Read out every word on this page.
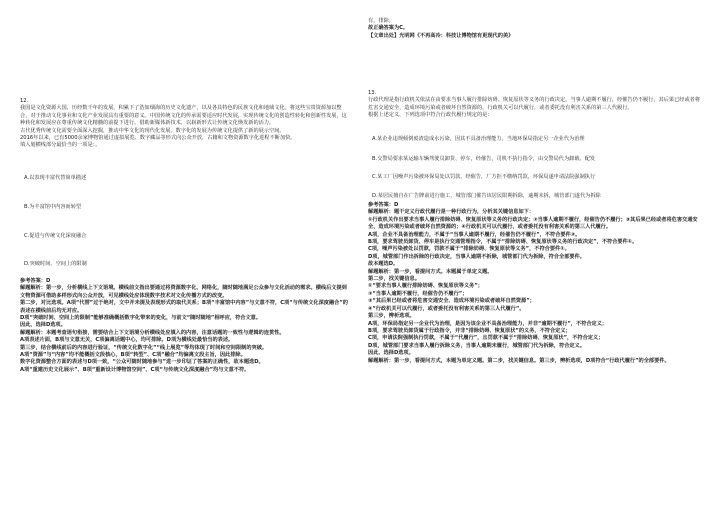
有，排除。

故正确答案为C。

【文章出处】光明网《不再高冷：科技让博物馆有更现代的美》

12.

我国是文化资源大国，历经数千年的发展，积累下了浩如烟海的历史文化遗产，以及各具特色的民族文化和地域文化。将这些宝贵资源加以整合，对于推动文化事业和文化产业发展具有重要的意义。中国传统文化的传承需要适应时代发展，实现传统文化的创造性转化和创新性发展，这

种转化和发展应在尊重传统文化精髓的前提下进行。借助新媒体新技术，以崭新形式让传统文化焕发新的活力。

古代优秀传统文化需要全面深入挖掘，推动中华文化的现代化发展。数字化的发展为传统文化提供了新的展示空间。

2016年以来，已有5000余家博物馆通过虚拟展览、数字藏品等形式向公众开放，古籍和文物资源数字化进程不断加快。

填入划横线部分最恰当的一项是：。

A.以表现丰富代替简单描述

B.为丰富馆中内容而转型

C.促进与传统文化深度融合

D.突破时间、空间上的限制

参考答案：D

解题解析：第一步，分析横线上下文语境。横线前文指出要通过将资源数字化、网络化，随时随地满足公众参与文化活动的需求。横线后文提到文物资源可借助多样形式向公众开放，可见横线处应体现数字技术对文化传播方式的改变。

第二步，对比选项。A项“代替”过于绝对，文中并未提及表现形式的取代关系；B项“丰富馆中内容”与文意不符，C项“与传统文化深度融合”的表述在横线前后均无对应。

D项“突破时间、空间上的限制”能够准确概括数字化带来的变化，与前文“随时随地”相呼应，符合文意。

因此，选择D选项。

解题解析：本题考查语句衔接，需要结合上下文语境分析横线处应填入的内容，注意话题的一致性与逻辑的连贯性。

A项表述片面，B项与文意无关，C项偏离话题中心，均可排除。D项为横线处最恰当的表述。

第三步，结合横线前后的内容进行验证，“传统文化数字化”“线上展览”等均体现了时间和空间限制的突破。

A项“资源”与“内容”均不能概括文段核心，B项“转型”、C项“融合”均偏离文段主旨，因此排除。

数字化资源整合方面的表述与D项一致，“公众可随时随地参与”进一步印证了答案的正确性，故本题选D。

A项“重建历史文化展示”、B项“重新设计博物馆空间”、C项“与传统文化深度融合”均与文意不符。

13.

行政代理是指行政机关依法在由要求当事人履行排除妨碍、恢复原状等义务的行政决定，当事人逾期不履行，经催告仍不履行，其后果已经或者将危害交通安全、造成环境污染或者破坏自然资源的，行政机关可以代履行，或者委托没有利害关系的第三人代履行。

根据上述定义，下列选项中符合行政代履行规定的是：

A.某企业违规倾倒废渣造成水污染，因其不具备治理能力，当地环保局指定另一企业代为治理

B.交警局要求某运输车辆驾驶员卸货、停车，经催告，司机不执行指令，由交警局代为卸载、配发

C.某工厂因噪声污染被环保局处以罚款，经催告，厂方拒不缴纳罚款，环保局遂申请法院强制执行

D.某居民擅自在广告牌前进行施工，城管部门催告该居民限期拆除，逾期未拆，城管部门遂代为拆除

参考答案：D

解题解析：题干定义行政代履行是一种行政行为，分析其关键信息如下：

①行政机关作出要求当事人履行排除妨碍、恢复原状等义务的行政决定；②当事人逾期不履行，经催告仍不履行；③其后果已经或者将危害交通安全、造成环境污染或者破坏自然资源的；④行政机关可以代履行，或者委托没有利害关系的第三人代履行。

A项，企业不具备治理能力，不属于“当事人逾期不履行，经催告仍不履行”，不符合要件②。

B项，要求驾驶员卸货、停车是执行交通管理指令，不属于“排除妨碍、恢复原状等义务的行政决定”，不符合要件①。

C项，噪声污染被处以罚款，罚款不属于“排除妨碍、恢复原状等义务”，不符合要件①。

D项，城管部门作出拆除的行政决定，当事人逾期不拆除，城管部门代为拆除，符合全部要件。

故本题选D。

解题解析：第一步，看提问方式。本题属于单定义题。

第二步，找关键信息。

①“要求当事人履行排除妨碍、恢复原状等义务”；

②“当事人逾期不履行，经催告仍不履行”；

③“其后果已经或者将危害交通安全、造成环境污染或者破坏自然资源”；

④“行政机关可以代履行，或者委托没有利害关系的第三人代履行”。

第三步，辨析选项。

A项，环保局指定另一企业代为治理，是因为该企业不具备治理能力，并非“逾期不履行”，不符合定义；

B项，要求驾驶员卸货属于行政指令，并非“排除妨碍、恢复原状”的义务，不符合定义；

C项，申请法院强制执行罚款，不属于“代履行”，且罚款不属于“排除妨碍、恢复原状”，不符合定义；

D项，城管部门要求当事人履行拆除义务，当事人逾期未履行，城管部门代为拆除，符合定义。

因此，选择D选项。

解题解析：第一步，看提问方式，本题为单定义题。第二步，找关键信息。第三步，辨析选项，D项符合“行政代履行”的全部要件。
